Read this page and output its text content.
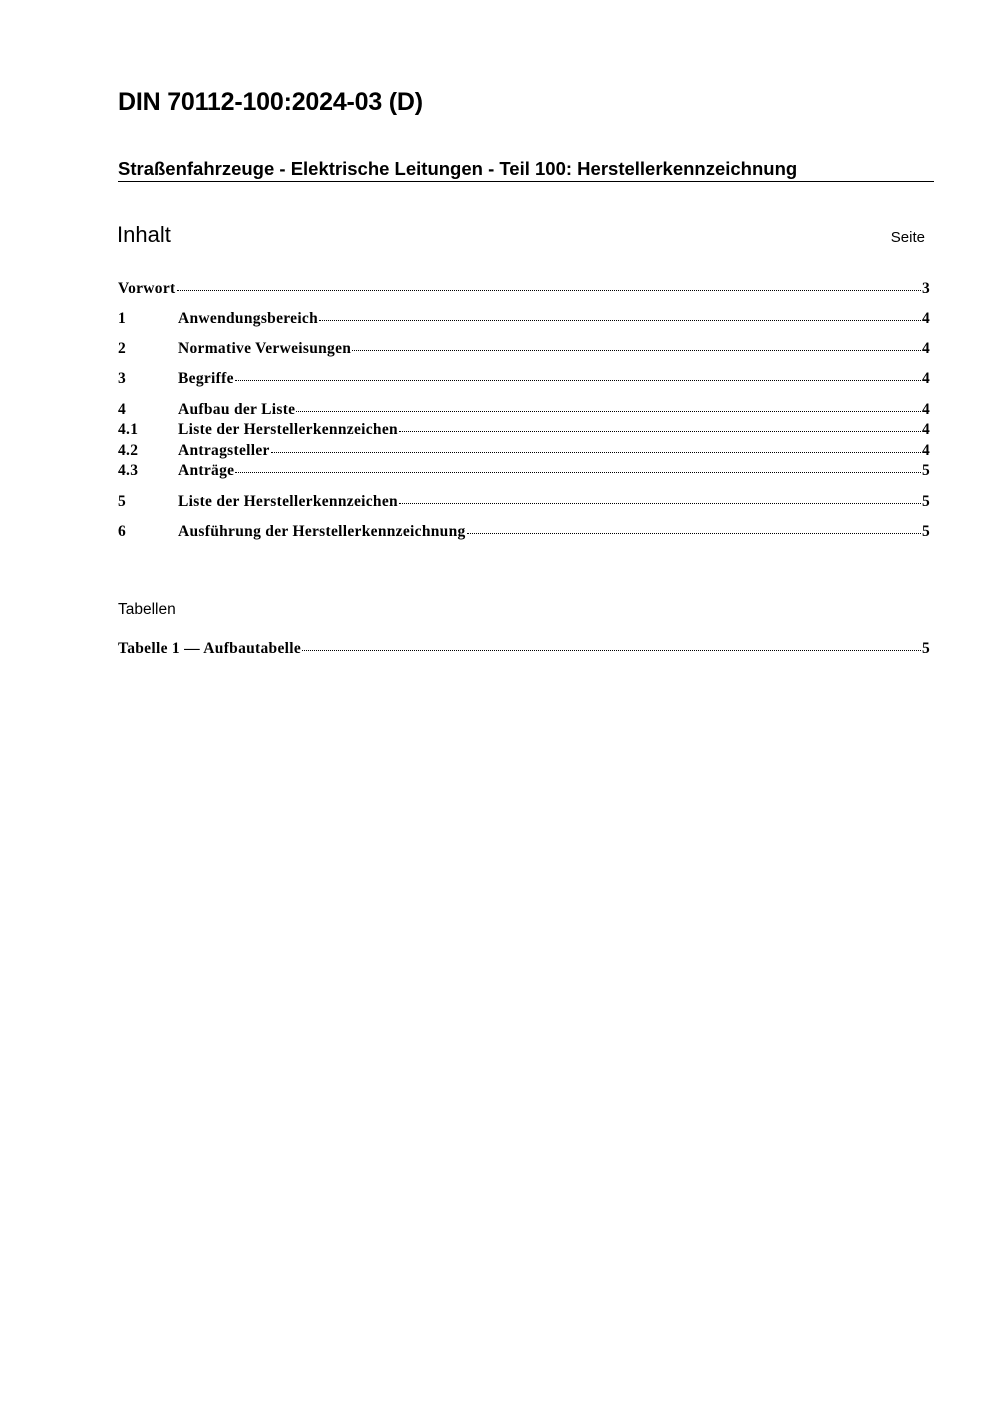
DIN 70112-100:2024-03 (D)
Straßenfahrzeuge - Elektrische Leitungen - Teil 100: Herstellerkennzeichnung
Inhalt	Seite
Vorwort	3
1	Anwendungsbereich	4
2	Normative Verweisungen	4
3	Begriffe	4
4	Aufbau der Liste	4
4.1	Liste der Herstellerkennzeichen	4
4.2	Antragsteller	4
4.3	Anträge	5
5	Liste der Herstellerkennzeichen	5
6	Ausführung der Herstellerkennzeichnung	5
Tabellen
Tabelle 1 — Aufbautabelle	5
